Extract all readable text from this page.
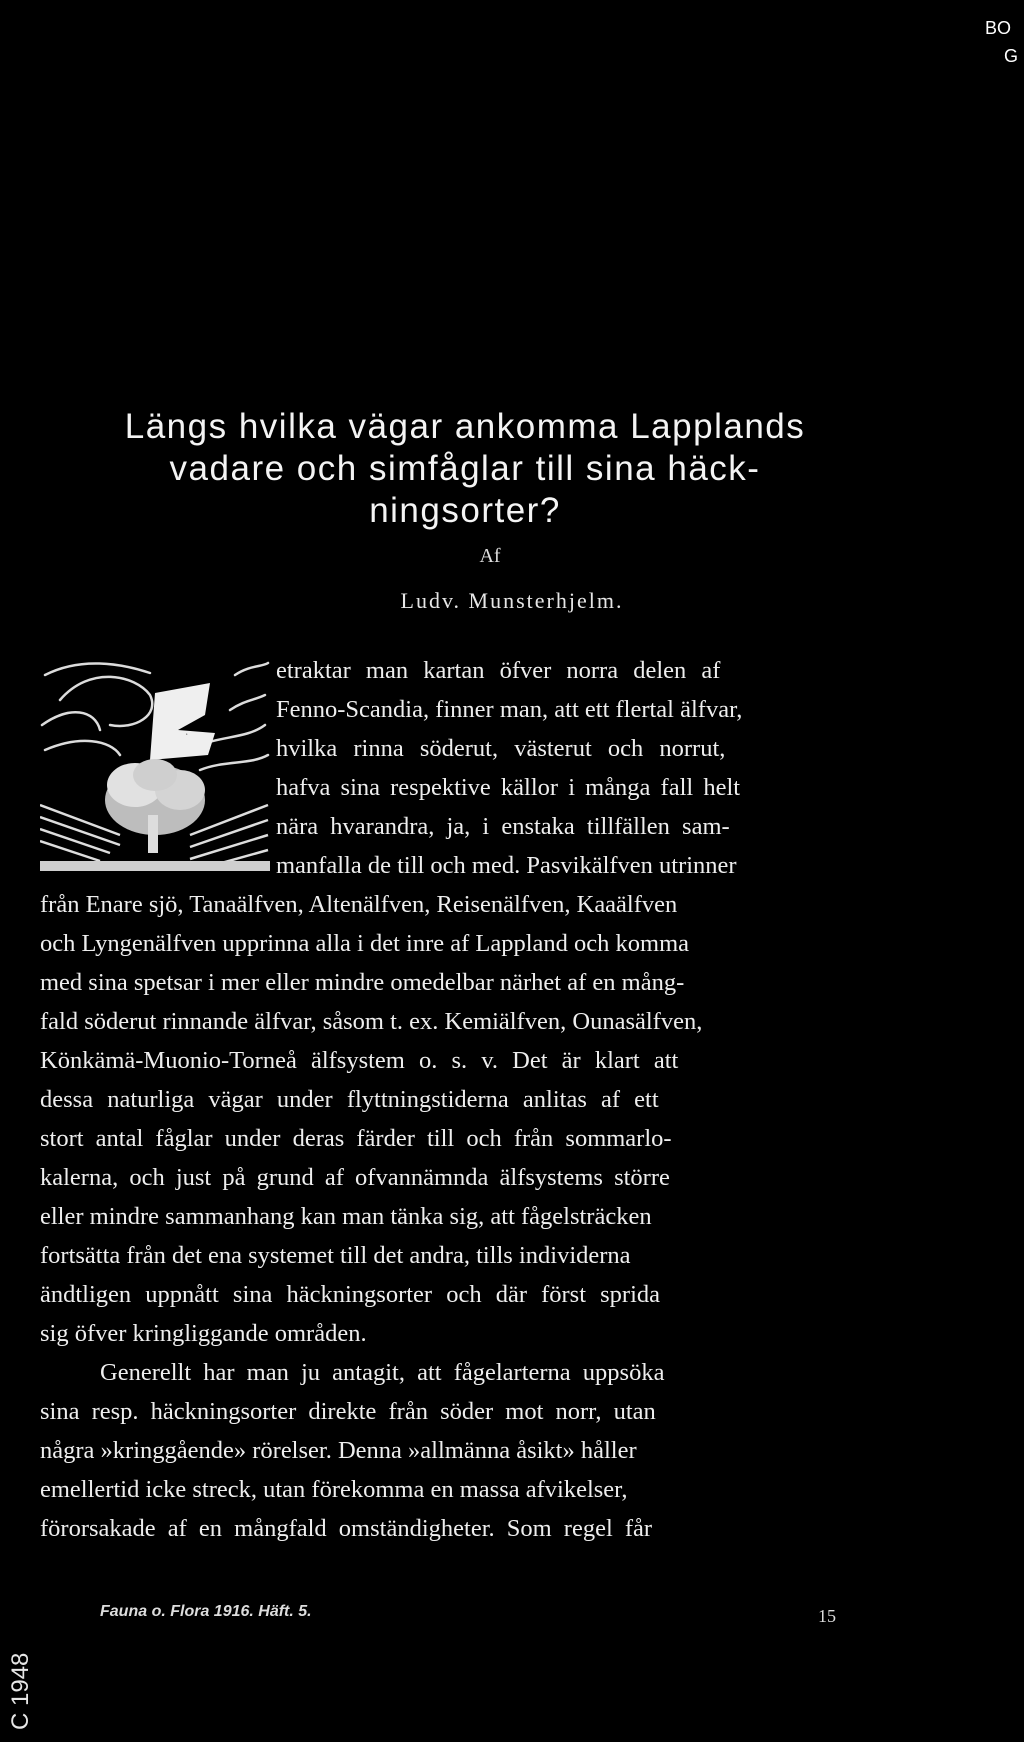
BO
G
Längs hvilka vägar ankomma Lapplands
vadare och simfåglar till sina häck-
ningsorter?
Af
Ludv. Munsterhjelm.
B
etraktar man kartan öfver norra delen af
Fenno-Scandia, finner man, att ett flertal älfvar,
hvilka rinna söderut, västerut och norrut,
hafva sina respektive källor i många fall helt
nära hvarandra, ja, i enstaka tillfällen sam-
manfalla de till och med. Pasvikälfven utrinner
från Enare sjö, Tanaälfven, Altenälfven, Reisenälfven, Kaaälfven
och Lyngenälfven upprinna alla i det inre af Lappland och komma
med sina spetsar i mer eller mindre omedelbar närhet af en mång-
fald söderut rinnande älfvar, såsom t. ex. Kemiälfven, Ounasälfven,
Könkämä-Muonio-Torneå älfsystem o. s. v. Det är klart att
dessa naturliga vägar under flyttningstiderna anlitas af ett
stort antal fåglar under deras färder till och från sommarlo-
kalerna, och just på grund af ofvannämnda älfsystems större
eller mindre sammanhang kan man tänka sig, att fågelsträcken
fortsätta från det ena systemet till det andra, tills individerna
ändtligen uppnått sina häckningsorter och där först sprida
sig öfver kringliggande områden.
Generellt har man ju antagit, att fågelarterna uppsöka
sina resp. häckningsorter direkte från söder mot norr, utan
några »kringgående» rörelser. Denna »allmänna åsikt» håller
emellertid icke streck, utan förekomma en massa afvikelser,
förorsakade af en mångfald omständigheter. Som regel får
Fauna o. Flora 1916. Häft. 5.	15
C 1948
